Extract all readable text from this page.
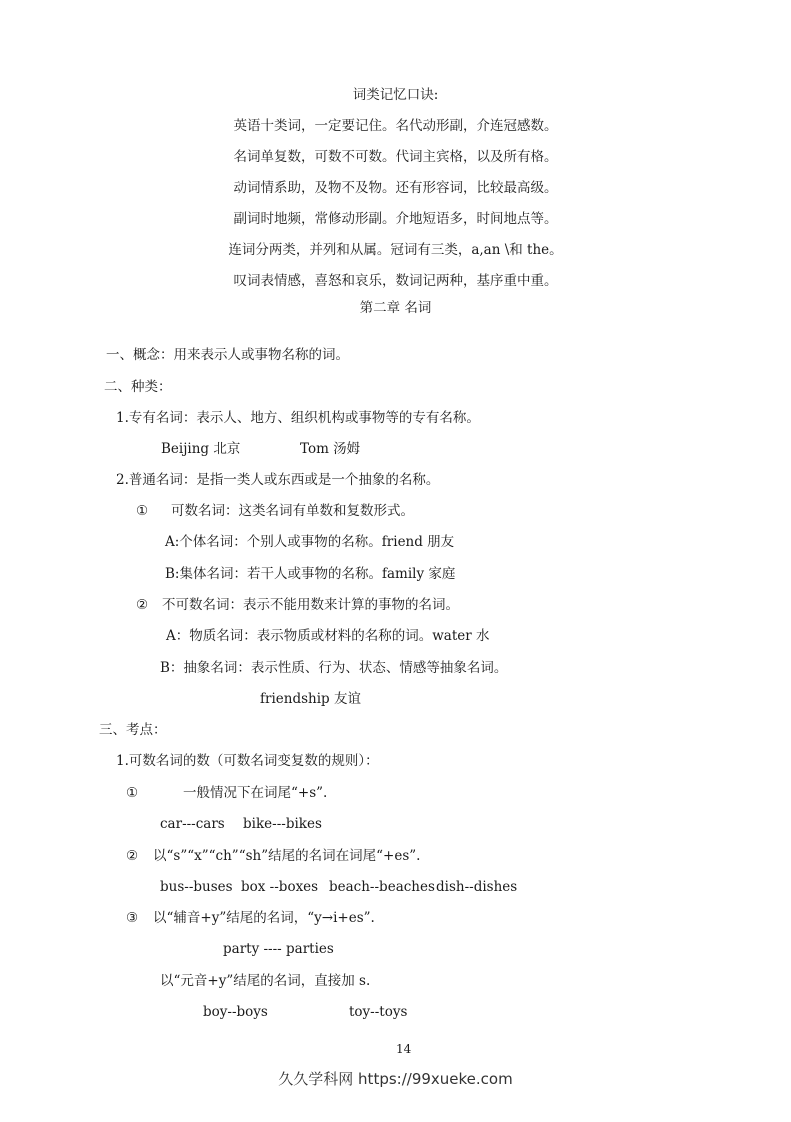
词类记忆口诀:
英语十类词，一定要记住。名代动形副，介连冠感数。
名词单复数，可数不可数。代词主宾格，以及所有格。
动词情系助，及物不及物。还有形容词，比较最高级。
副词时地频，常修动形副。介地短语多，时间地点等。
连词分两类，并列和从属。冠词有三类，a,an \和 the。
叹词表情感，喜怒和哀乐，数词记两种，基序重中重。
第二章 名词
一、概念：用来表示人或事物名称的词。
二、种类：
1.专有名词：表示人、地方、组织机构或事物等的专有名称。
Beijing 北京	Tom 汤姆
2.普通名词：是指一类人或东西或是一个抽象的名称。
① 可数名词：这类名词有单数和复数形式。
A:个体名词：个别人或事物的名称。friend 朋友
B:集体名词：若干人或事物的名称。family 家庭
② 不可数名词：表示不能用数来计算的事物的名词。
A：物质名词：表示物质或材料的名称的词。water 水
B：抽象名词：表示性质、行为、状态、情感等抽象名词。
friendship 友谊
三、考点：
1.可数名词的数（可数名词变复数的规则）：
①	一般情况下在词尾“+s”.
car---cars bike---bikes
② 以“s”“x”“ch”“sh”结尾的名词在词尾“+es”.
bus--buses box --boxes beach--beaches dish--dishes
③ 以“辅音+y”结尾的名词，“y→i+es”.
party ---- parties
以“元音+y”结尾的名词，直接加 s.
boy--boys	toy--toys
14
久久学科网 https://99xueke.com
